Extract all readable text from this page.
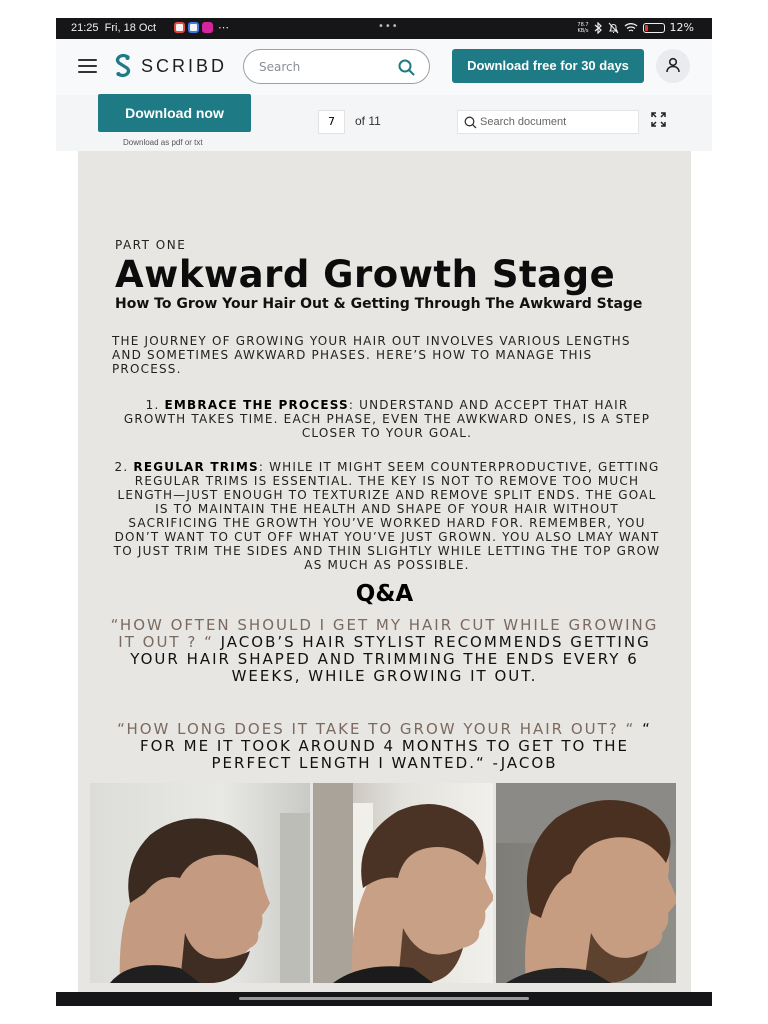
21:25 Fri, 18 Oct	⋯	•••	78.7
KB/s	12%
SCRIBD	Search	Download free for 30 days
Download now
Download as pdf or txt
7	of 11	Search document
PART ONE
Awkward Growth Stage
How To Grow Your Hair Out & Getting Through The Awkward Stage
THE JOURNEY OF GROWING YOUR HAIR OUT INVOLVES VARIOUS LENGTHS AND SOMETIMES AWKWARD PHASES. HERE’S HOW TO MANAGE THIS PROCESS.
1. EMBRACE THE PROCESS: UNDERSTAND AND ACCEPT THAT HAIR GROWTH TAKES TIME. EACH PHASE, EVEN THE AWKWARD ONES, IS A STEP CLOSER TO YOUR GOAL.
2. REGULAR TRIMS: WHILE IT MIGHT SEEM COUNTERPRODUCTIVE, GETTING REGULAR TRIMS IS ESSENTIAL. THE KEY IS NOT TO REMOVE TOO MUCH LENGTH—JUST ENOUGH TO TEXTURIZE AND REMOVE SPLIT ENDS. THE GOAL IS TO MAINTAIN THE HEALTH AND SHAPE OF YOUR HAIR WITHOUT SACRIFICING THE GROWTH YOU’VE WORKED HARD FOR. REMEMBER, YOU DON’T WANT TO CUT OFF WHAT YOU’VE JUST GROWN. YOU ALSO LMAY WANT TO JUST TRIM THE SIDES AND THIN SLIGHTLY WHILE LETTING THE TOP GROW AS MUCH AS POSSIBLE.
Q&A
“HOW OFTEN SHOULD I GET MY HAIR CUT WHILE GROWING IT OUT ? “ JACOB’S HAIR STYLIST RECOMMENDS GETTING YOUR HAIR SHAPED AND TRIMMING THE ENDS EVERY 6 WEEKS, WHILE GROWING IT OUT.
“HOW LONG DOES IT TAKE TO GROW YOUR HAIR OUT? “ “ FOR ME IT TOOK AROUND 4 MONTHS TO GET TO THE PERFECT LENGTH I WANTED.“ -JACOB
